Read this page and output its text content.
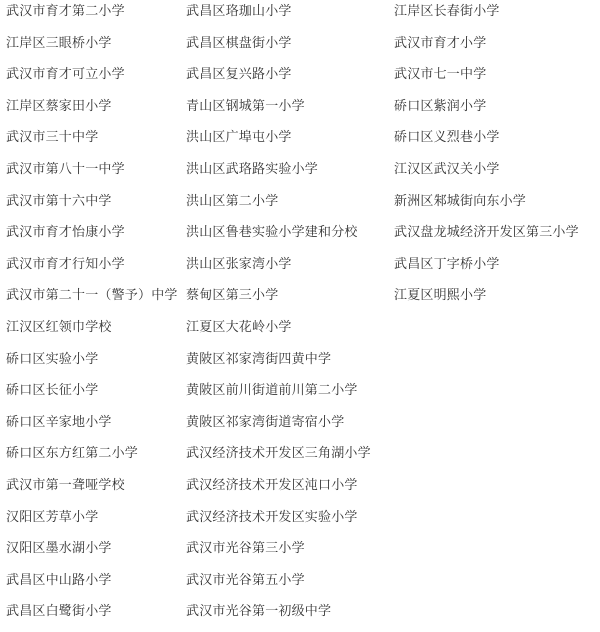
武汉市育才第二小学
江岸区三眼桥小学
武汉市育才可立小学
江岸区蔡家田小学
武汉市三十中学
武汉市第八十一中学
武汉市第十六中学
武汉市育才怡康小学
武汉市育才行知小学
武汉市第二十一（警予）中学
江汉区红领巾学校
硚口区实验小学
硚口区长征小学
硚口区辛家地小学
硚口区东方红第二小学
武汉市第一聋哑学校
汉阳区芳草小学
汉阳区墨水湖小学
武昌区中山路小学
武昌区白鹭街小学
武昌区珞珈山小学
武昌区棋盘街小学
武昌区复兴路小学
青山区钢城第一小学
洪山区广埠屯小学
洪山区武珞路实验小学
洪山区第二小学
洪山区鲁巷实验小学建和分校
洪山区张家湾小学
蔡甸区第三小学
江夏区大花岭小学
黄陂区祁家湾街四黄中学
黄陂区前川街道前川第二小学
黄陂区祁家湾街道寄宿小学
武汉经济技术开发区三角湖小学
武汉经济技术开发区沌口小学
武汉经济技术开发区实验小学
武汉市光谷第三小学
武汉市光谷第五小学
武汉市光谷第一初级中学
江岸区长春街小学
武汉市育才小学
武汉市七一中学
硚口区紫润小学
硚口区义烈巷小学
江汉区武汉关小学
新洲区邾城街向东小学
武汉盘龙城经济开发区第三小学
武昌区丁字桥小学
江夏区明熙小学
